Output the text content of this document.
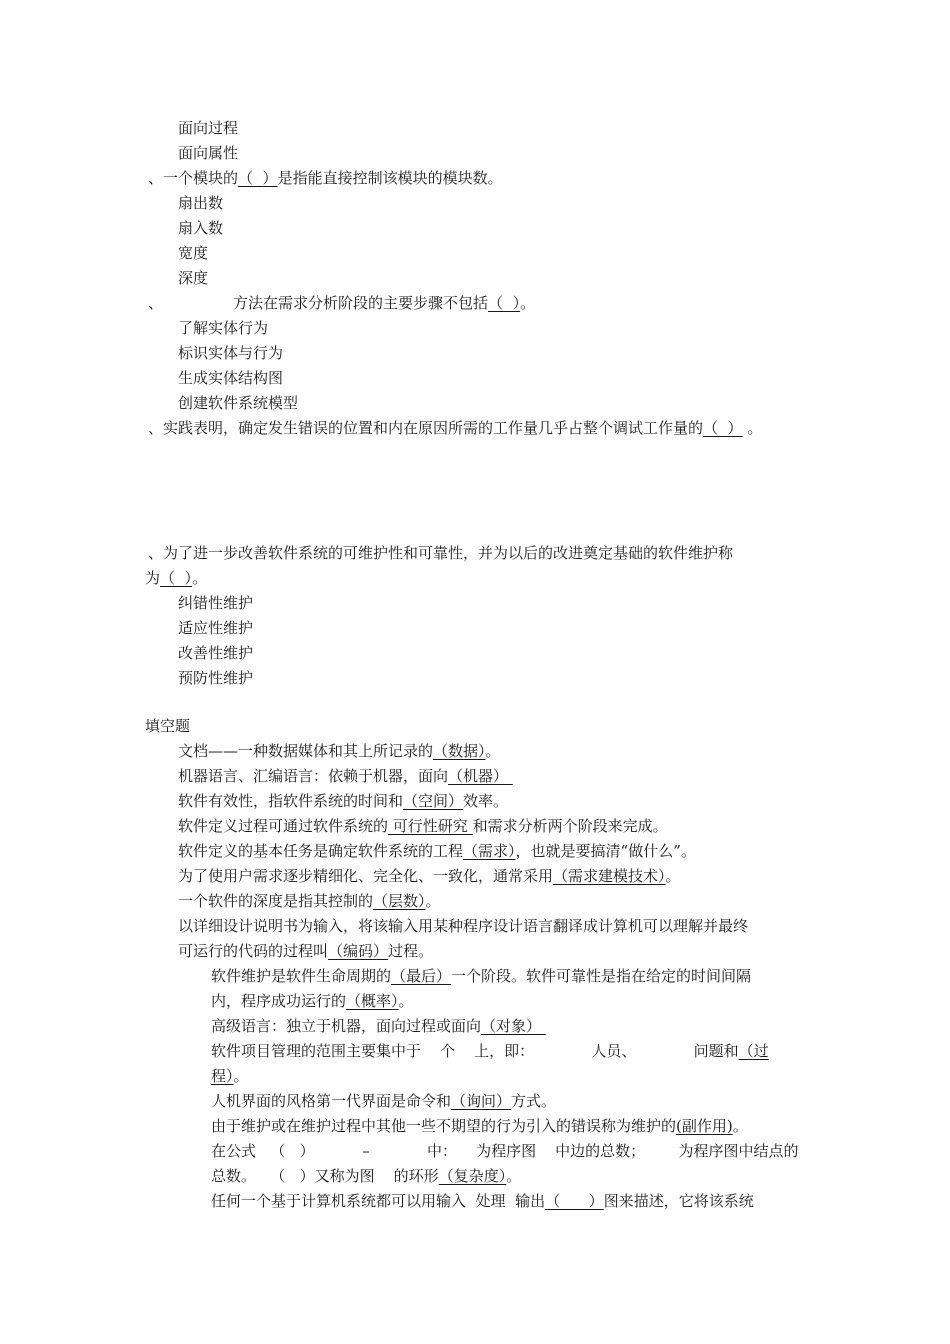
面向过程
面向属性
、一个模块的（  ）是指能直接控制该模块的模块数。
扇出数
扇入数
宽度
深度
、	方法在需求分析阶段的主要步骤不包括（  ）。
了解实体行为
标识实体与行为
生成实体结构图
创建软件系统模型
、实践表明，确定发生错误的位置和内在原因所需的工作量几乎占整个调试工作量的（  ） 。
、为了进一步改善软件系统的可维护性和可靠性，并为以后的改进奠定基础的软件维护称
为（  ）。
纠错性维护
适应性维护
改善性维护
预防性维护
填空题
文档——一种数据媒体和其上所记录的（数据）。
机器语言、汇编语言：依赖于机器，面向（机器）
软件有效性，指软件系统的时间和（空间）效率。
软件定义过程可通过软件系统的 可行性研究 和需求分析两个阶段来完成。
软件定义的基本任务是确定软件系统的工程（需求），也就是要搞清“做什么”。
为了使用户需求逐步精细化、完全化、一致化，通常采用（需求建模技术）。
一个软件的深度是指其控制的（层数）。
以详细设计说明书为输入，将该输入用某种程序设计语言翻译成计算机可以理解并最终
可运行的代码的过程叫（编码）过程。
软件维护是软件生命周期的（最后）一个阶段。软件可靠性是指在给定的时间间隔
内，程序成功运行的（概率）。
高级语言：独立于机器，面向过程或面向（对象）
软件项目管理的范围主要集中于    个    上，即：            人员、            问题和（过
程）。
人机界面的风格第一代界面是命令和（询问）方式。
由于维护或在维护过程中其他一些不期望的行为引入的错误称为维护的(副作用)。
在公式   （   ）          –            中：    为程序图    中边的总数；       为程序图中结点的
总数。   （   ）又称为图    的环形（复杂度）。
任何一个基于计算机系统都可以用输入  处理  输出（      ）图来描述，它将该系统
